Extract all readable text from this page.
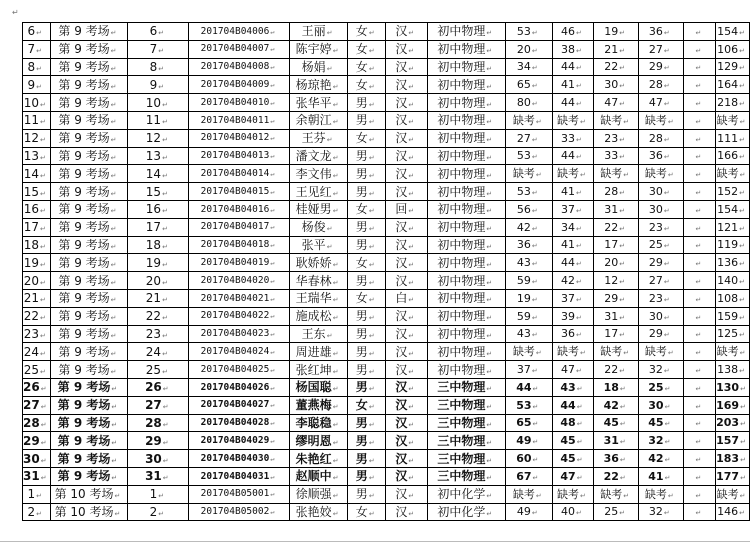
↵
6↵	第 9 考场↵	6↵	201704B04006↵	王丽↵	女↵	汉↵	初中物理↵	53↵	46↵	19↵	36↵	↵	154↵
7↵	第 9 考场↵	7↵	201704B04007↵	陈宇婷↵	女↵	汉↵	初中物理↵	20↵	38↵	21↵	27↵	↵	106↵
8↵	第 9 考场↵	8↵	201704B04008↵	杨娟↵	女↵	汉↵	初中物理↵	34↵	44↵	22↵	29↵	↵	129↵
9↵	第 9 考场↵	9↵	201704B04009↵	杨琼艳↵	女↵	汉↵	初中物理↵	65↵	41↵	30↵	28↵	↵	164↵
10↵	第 9 考场↵	10↵	201704B04010↵	张华平↵	男↵	汉↵	初中物理↵	80↵	44↵	47↵	47↵	↵	218↵
11↵	第 9 考场↵	11↵	201704B04011↵	余朝江↵	男↵	汉↵	初中物理↵	缺考↵	缺考↵	缺考↵	缺考↵	↵	缺考↵
12↵	第 9 考场↵	12↵	201704B04012↵	王芬↵	女↵	汉↵	初中物理↵	27↵	33↵	23↵	28↵	↵	111↵
13↵	第 9 考场↵	13↵	201704B04013↵	潘文龙↵	男↵	汉↵	初中物理↵	53↵	44↵	33↵	36↵	↵	166↵
14↵	第 9 考场↵	14↵	201704B04014↵	李文伟↵	男↵	汉↵	初中物理↵	缺考↵	缺考↵	缺考↵	缺考↵	↵	缺考↵
15↵	第 9 考场↵	15↵	201704B04015↵	王见红↵	男↵	汉↵	初中物理↵	53↵	41↵	28↵	30↵	↵	152↵
16↵	第 9 考场↵	16↵	201704B04016↵	桂娅男↵	女↵	回↵	初中物理↵	56↵	37↵	31↵	30↵	↵	154↵
17↵	第 9 考场↵	17↵	201704B04017↵	杨俊↵	男↵	汉↵	初中物理↵	42↵	34↵	22↵	23↵	↵	121↵
18↵	第 9 考场↵	18↵	201704B04018↵	张平↵	男↵	汉↵	初中物理↵	36↵	41↵	17↵	25↵	↵	119↵
19↵	第 9 考场↵	19↵	201704B04019↵	耿娇娇↵	女↵	汉↵	初中物理↵	43↵	44↵	20↵	29↵	↵	136↵
20↵	第 9 考场↵	20↵	201704B04020↵	华春林↵	男↵	汉↵	初中物理↵	59↵	42↵	12↵	27↵	↵	140↵
21↵	第 9 考场↵	21↵	201704B04021↵	王瑞华↵	女↵	白↵	初中物理↵	19↵	37↵	29↵	23↵	↵	108↵
22↵	第 9 考场↵	22↵	201704B04022↵	施成松↵	男↵	汉↵	初中物理↵	59↵	39↵	31↵	30↵	↵	159↵
23↵	第 9 考场↵	23↵	201704B04023↵	王东↵	男↵	汉↵	初中物理↵	43↵	36↵	17↵	29↵	↵	125↵
24↵	第 9 考场↵	24↵	201704B04024↵	周进雄↵	男↵	汉↵	初中物理↵	缺考↵	缺考↵	缺考↵	缺考↵	↵	缺考↵
25↵	第 9 考场↵	25↵	201704B04025↵	张红坤↵	男↵	汉↵	初中物理↵	37↵	47↵	22↵	32↵	↵	138↵
26↵	第 9 考场↵	26↵	201704B04026↵	杨国聪↵	男↵	汉↵	三中物理↵	44↵	43↵	18↵	25↵	↵	130↵
27↵	第 9 考场↵	27↵	201704B04027↵	董燕梅↵	女↵	汉↵	三中物理↵	53↵	44↵	42↵	30↵	↵	169↵
28↵	第 9 考场↵	28↵	201704B04028↵	李聪稳↵	男↵	汉↵	三中物理↵	65↵	48↵	45↵	45↵	↵	203↵
29↵	第 9 考场↵	29↵	201704B04029↵	缪明恩↵	男↵	汉↵	三中物理↵	49↵	45↵	31↵	32↵	↵	157↵
30↵	第 9 考场↵	30↵	201704B04030↵	朱艳红↵	男↵	汉↵	三中物理↵	60↵	45↵	36↵	42↵	↵	183↵
31↵	第 9 考场↵	31↵	201704B04031↵	赵顺中↵	男↵	汉↵	三中物理↵	67↵	47↵	22↵	41↵	↵	177↵
1↵	第 10 考场↵	1↵	201704B05001↵	徐顺强↵	男↵	汉↵	初中化学↵	缺考↵	缺考↵	缺考↵	缺考↵	↵	缺考↵
2↵	第 10 考场↵	2↵	201704B05002↵	张艳姣↵	女↵	汉↵	初中化学↵	49↵	40↵	25↵	32↵	↵	146↵
